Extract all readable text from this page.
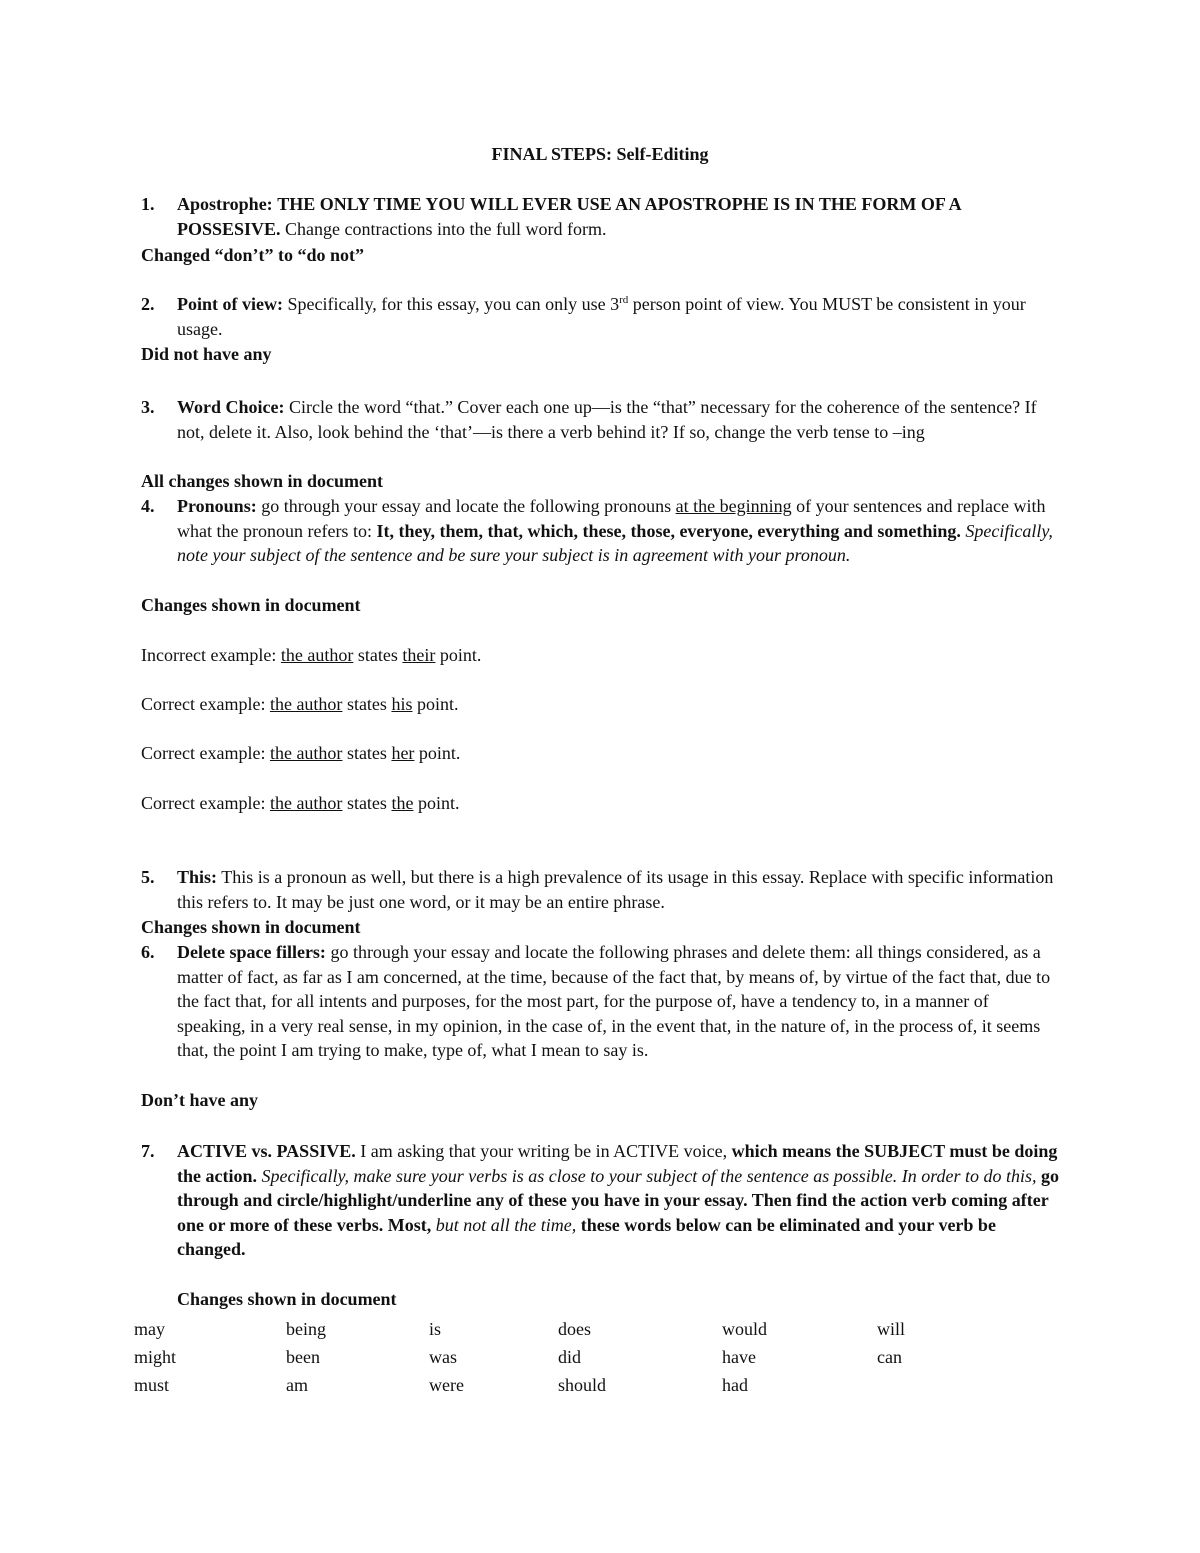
FINAL STEPS: Self-Editing
1.	Apostrophe: THE ONLY TIME YOU WILL EVER USE AN APOSTROPHE IS IN THE FORM OF A POSSESIVE. Change contractions into the full word form.
Changed “don’t” to “do not”
2.	Point of view: Specifically, for this essay, you can only use 3rd person point of view. You MUST be consistent in your usage.
Did not have any
3.	Word Choice: Circle the word “that.” Cover each one up—is the “that” necessary for the coherence of the sentence? If not, delete it. Also, look behind the ‘that’—is there a verb behind it? If so, change the verb tense to –ing
All changes shown in document
4.	Pronouns: go through your essay and locate the following pronouns at the beginning of your sentences and replace with what the pronoun refers to: It, they, them, that, which, these, those, everyone, everything and something. Specifically, note your subject of the sentence and be sure your subject is in agreement with your pronoun.
Changes shown in document
Incorrect example: the author states their point.
Correct example: the author states his point.
Correct example: the author states her point.
Correct example: the author states the point.
5.	This: This is a pronoun as well, but there is a high prevalence of its usage in this essay. Replace with specific information this refers to. It may be just one word, or it may be an entire phrase.
Changes shown in document
6.	Delete space fillers: go through your essay and locate the following phrases and delete them: all things considered, as a matter of fact, as far as I am concerned, at the time, because of the fact that, by means of, by virtue of the fact that, due to the fact that, for all intents and purposes, for the most part, for the purpose of, have a tendency to, in a manner of speaking, in a very real sense, in my opinion, in the case of, in the event that, in the nature of, in the process of, it seems that, the point I am trying to make, type of, what I mean to say is.
Don’t have any
7.	ACTIVE vs. PASSIVE. I am asking that your writing be in ACTIVE voice, which means the SUBJECT must be doing the action. Specifically, make sure your verbs is as close to your subject of the sentence as possible. In order to do this, go through and circle/highlight/underline any of these you have in your essay. Then find the action verb coming after one or more of these verbs. Most, but not all the time, these words below can be eliminated and your verb be changed.
Changes shown in document
may	being	is	does	would	will
might	been	was	did	have	can
must	am	were	should	had
